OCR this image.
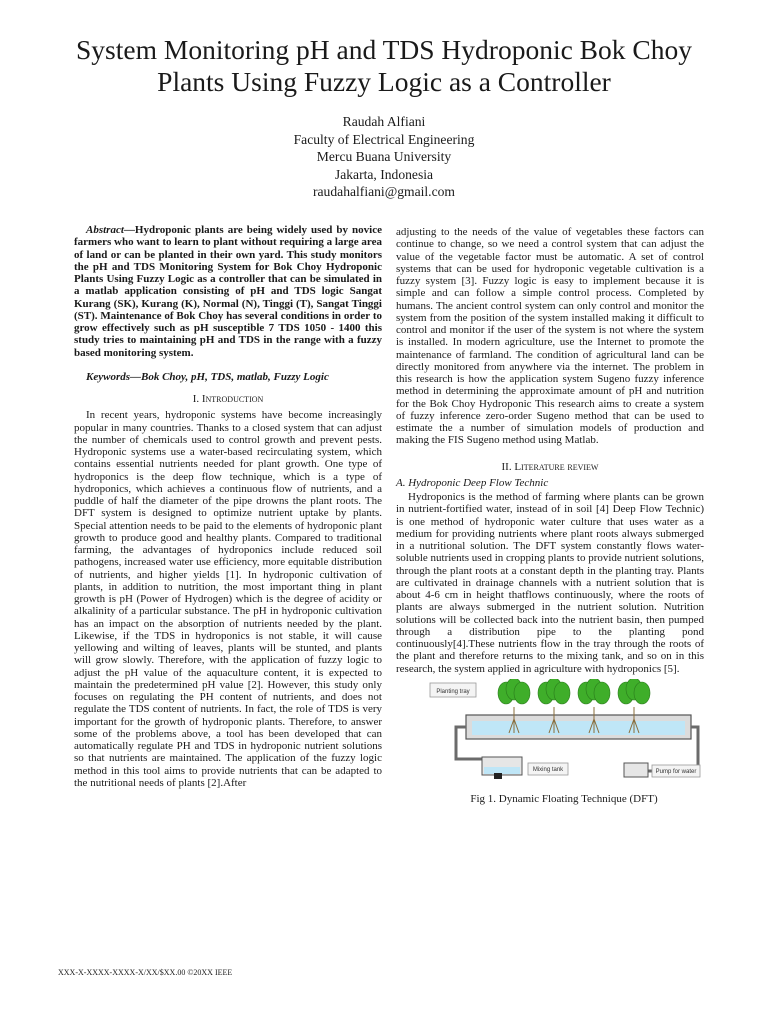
System Monitoring pH and TDS Hydroponic Bok Choy Plants Using Fuzzy Logic as a Controller
Raudah Alfiani
Faculty of Electrical Engineering
Mercu Buana University
Jakarta, Indonesia
raudahalfiani@gmail.com

Abstract—Hydroponic plants are being widely used by novice farmers who want to learn to plant without requiring a large area of land or can be planted in their own yard. This study monitors the pH and TDS Monitoring System for Bok Choy Hydroponic Plants Using Fuzzy Logic as a controller that can be simulated in a matlab application consisting of pH and TDS logic Sangat Kurang (SK), Kurang (K), Normal (N), Tinggi (T), Sangat Tinggi (ST). Maintenance of Bok Choy has several conditions in order to grow effectively such as pH susceptible 7 TDS 1050 - 1400 this study tries to maintaining pH and TDS in the range with a fuzzy based monitoring system.

Keywords—Bok Choy, pH, TDS, matlab, Fuzzy Logic

I. Introduction

In recent years, hydroponic systems have become increasingly popular in many countries. Thanks to a closed system that can adjust the number of chemicals used to control growth and prevent pests. Hydroponic systems use a water-based recirculating system, which contains essential nutrients needed for plant growth. One type of hydroponics is the deep flow technique, which is a type of hydroponics, which achieves a continuous flow of nutrients, and a puddle of half the diameter of the pipe drowns the plant roots. The DFT system is designed to optimize nutrient uptake by plants. Special attention needs to be paid to the elements of hydroponic plant growth to produce good and healthy plants. Compared to traditional farming, the advantages of hydroponics include reduced soil pathogens, increased water use efficiency, more equitable distribution of nutrients, and higher yields [1]. In hydroponic cultivation of plants, in addition to nutrition, the most important thing in plant growth is pH (Power of Hydrogen) which is the degree of acidity or alkalinity of a particular substance. The pH in hydroponic cultivation has an impact on the absorption of nutrients needed by the plant. Likewise, if the TDS in hydroponics is not stable, it will cause yellowing and wilting of leaves, plants will be stunted, and plants will grow slowly. Therefore, with the application of fuzzy logic to adjust the pH value of the aquaculture content, it is expected to maintain the predetermined pH value [2]. However, this study only focuses on regulating the PH content of nutrients, and does not regulate the TDS content of nutrients. In fact, the role of TDS is very important for the growth of hydroponic plants. Therefore, to answer some of the problems above, a tool has been developed that can automatically regulate PH and TDS in hydroponic nutrient solutions so that nutrients are maintained. The application of the fuzzy logic method in this tool aims to provide nutrients that can be adapted to the nutritional needs of plants [2].After

adjusting to the needs of the value of vegetables these factors can continue to change, so we need a control system that can adjust the value of the vegetable factor must be automatic. A set of control systems that can be used for hydroponic vegetable cultivation is a fuzzy system [3]. Fuzzy logic is easy to implement because it is simple and can follow a simple control process. Completed by humans. The ancient control system can only control and monitor the system from the position of the system installed making it difficult to control and monitor if the user of the system is not where the system is installed. In modern agriculture, use the Internet to promote the maintenance of farmland. The condition of agricultural land can be directly monitored from anywhere via the internet. The problem in this research is how the application system Sugeno fuzzy inference method in determining the approximate amount of pH and nutrition for the Bok Choy Hydroponic This research aims to create a system of fuzzy inference zero-order Sugeno method that can be used to estimate the a number of simulation models of production and making the FIS Sugeno method using Matlab.

II. Literature review

A. Hydroponic Deep Flow Technic

Hydroponics is the method of farming where plants can be grown in nutrient-fortified water, instead of in soil [4] Deep Flow Technic) is one method of hydroponic water culture that uses water as a medium for providing nutrients where plant roots always submerged in a nutritional solution. The DFT system constantly flows water-soluble nutrients used in cropping plants to provide nutrient solutions, through the plant roots at a constant depth in the planting tray. Plants are cultivated in drainage channels with a nutrient solution that is about 4-6 cm in height thatflows continuously, where the roots of plants are always submerged in the nutrient solution. Nutrition solutions will be collected back into the nutrient basin, then pumped through a distribution pipe to the planting pond continuously[4].These nutrients flow in the tray through the roots of the plant and therefore returns to the mixing tank, and so on in this research, the system applied in agriculture with hydroponics [5].

Planting tray
Mixing tank	Pump for water

Fig 1. Dynamic Floating Technique (DFT)

XXX-X-XXXX-XXXX-X/XX/$XX.00 ©20XX IEEE
